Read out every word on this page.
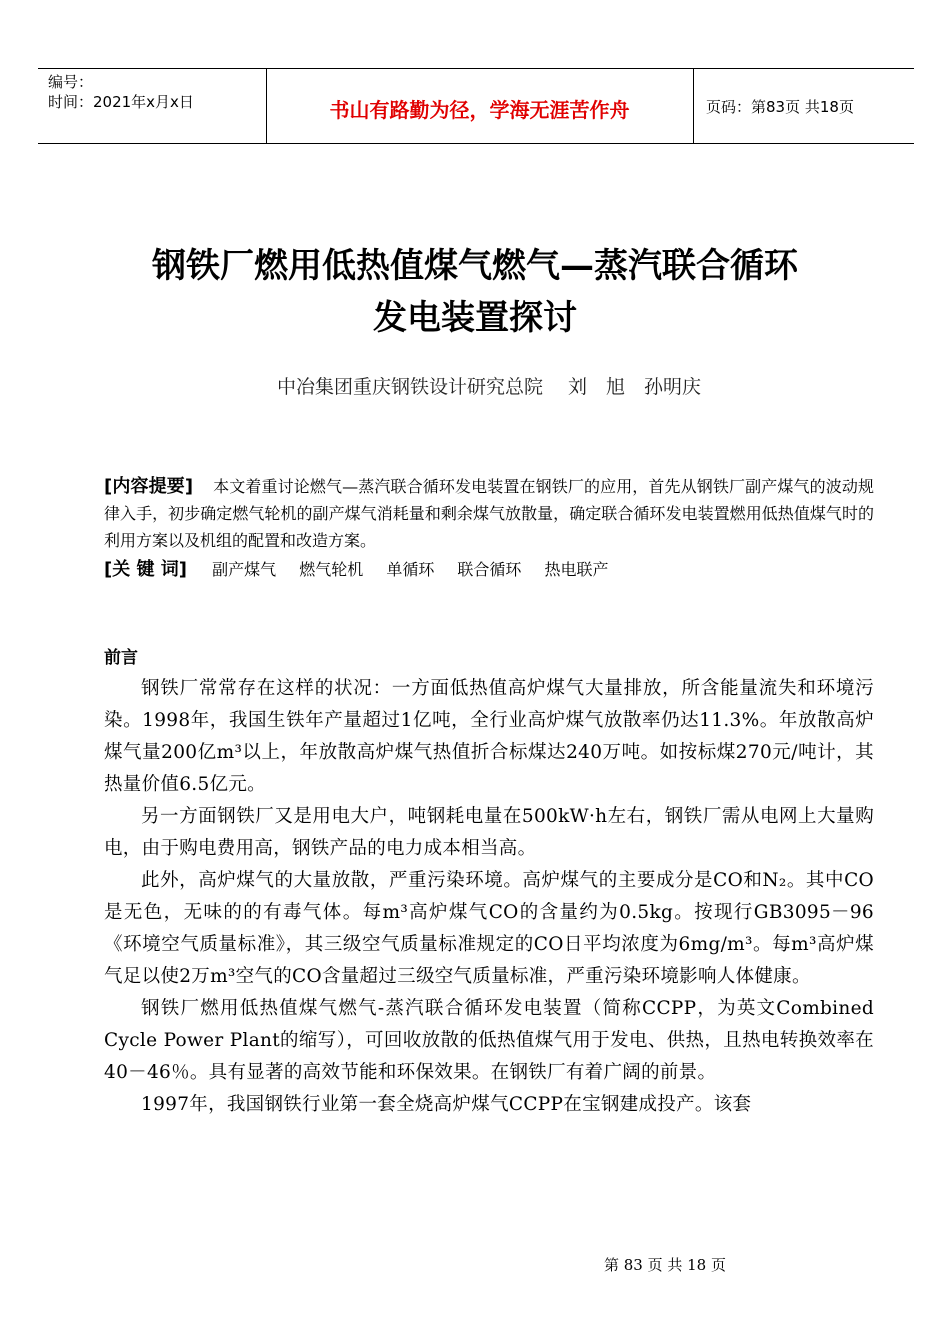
编号：
时间：2021年x月x日	书山有路勤为径，学海无涯苦作舟	页码：第83页 共18页
钢铁厂燃用低热值煤气燃气—蒸汽联合循环
发电装置探讨
中冶集团重庆钢铁设计研究总院　 刘　旭　孙明庆
[内容提要] 本文着重讨论燃气—蒸汽联合循环发电装置在钢铁厂的应用，首先从钢铁厂副产煤气的波动规律入手，初步确定燃气轮机的副产煤气消耗量和剩余煤气放散量，确定联合循环发电装置燃用低热值煤气时的利用方案以及机组的配置和改造方案。
[关 键 词] 副产煤气 燃气轮机 单循环 联合循环 热电联产
前言

钢铁厂常常存在这样的状况：一方面低热值高炉煤气大量排放，所含能量流失和环境污染。1998年，我国生铁年产量超过1亿吨，全行业高炉煤气放散率仍达11.3%。年放散高炉煤气量200亿m³以上，年放散高炉煤气热值折合标煤达240万吨。如按标煤270元/吨计，其热量价值6.5亿元。

另一方面钢铁厂又是用电大户，吨钢耗电量在500kW·h左右，钢铁厂需从电网上大量购电，由于购电费用高，钢铁产品的电力成本相当高。

此外，高炉煤气的大量放散，严重污染环境。高炉煤气的主要成分是CO和N₂。其中CO是无色，无味的的有毒气体。每m³高炉煤气CO的含量约为0.5kg。按现行GB3095－96《环境空气质量标准》，其三级空气质量标准规定的CO日平均浓度为6mg/m³。每m³高炉煤气足以使2万m³空气的CO含量超过三级空气质量标准，严重污染环境影响人体健康。

钢铁厂燃用低热值煤气燃气-蒸汽联合循环发电装置（简称CCPP，为英文Combined Cycle Power Plant的缩写），可回收放散的低热值煤气用于发电、供热，且热电转换效率在40－46％。具有显著的高效节能和环保效果。在钢铁厂有着广阔的前景。

1997年，我国钢铁行业第一套全烧高炉煤气CCPP在宝钢建成投产。该套

第 83 页 共 18 页
